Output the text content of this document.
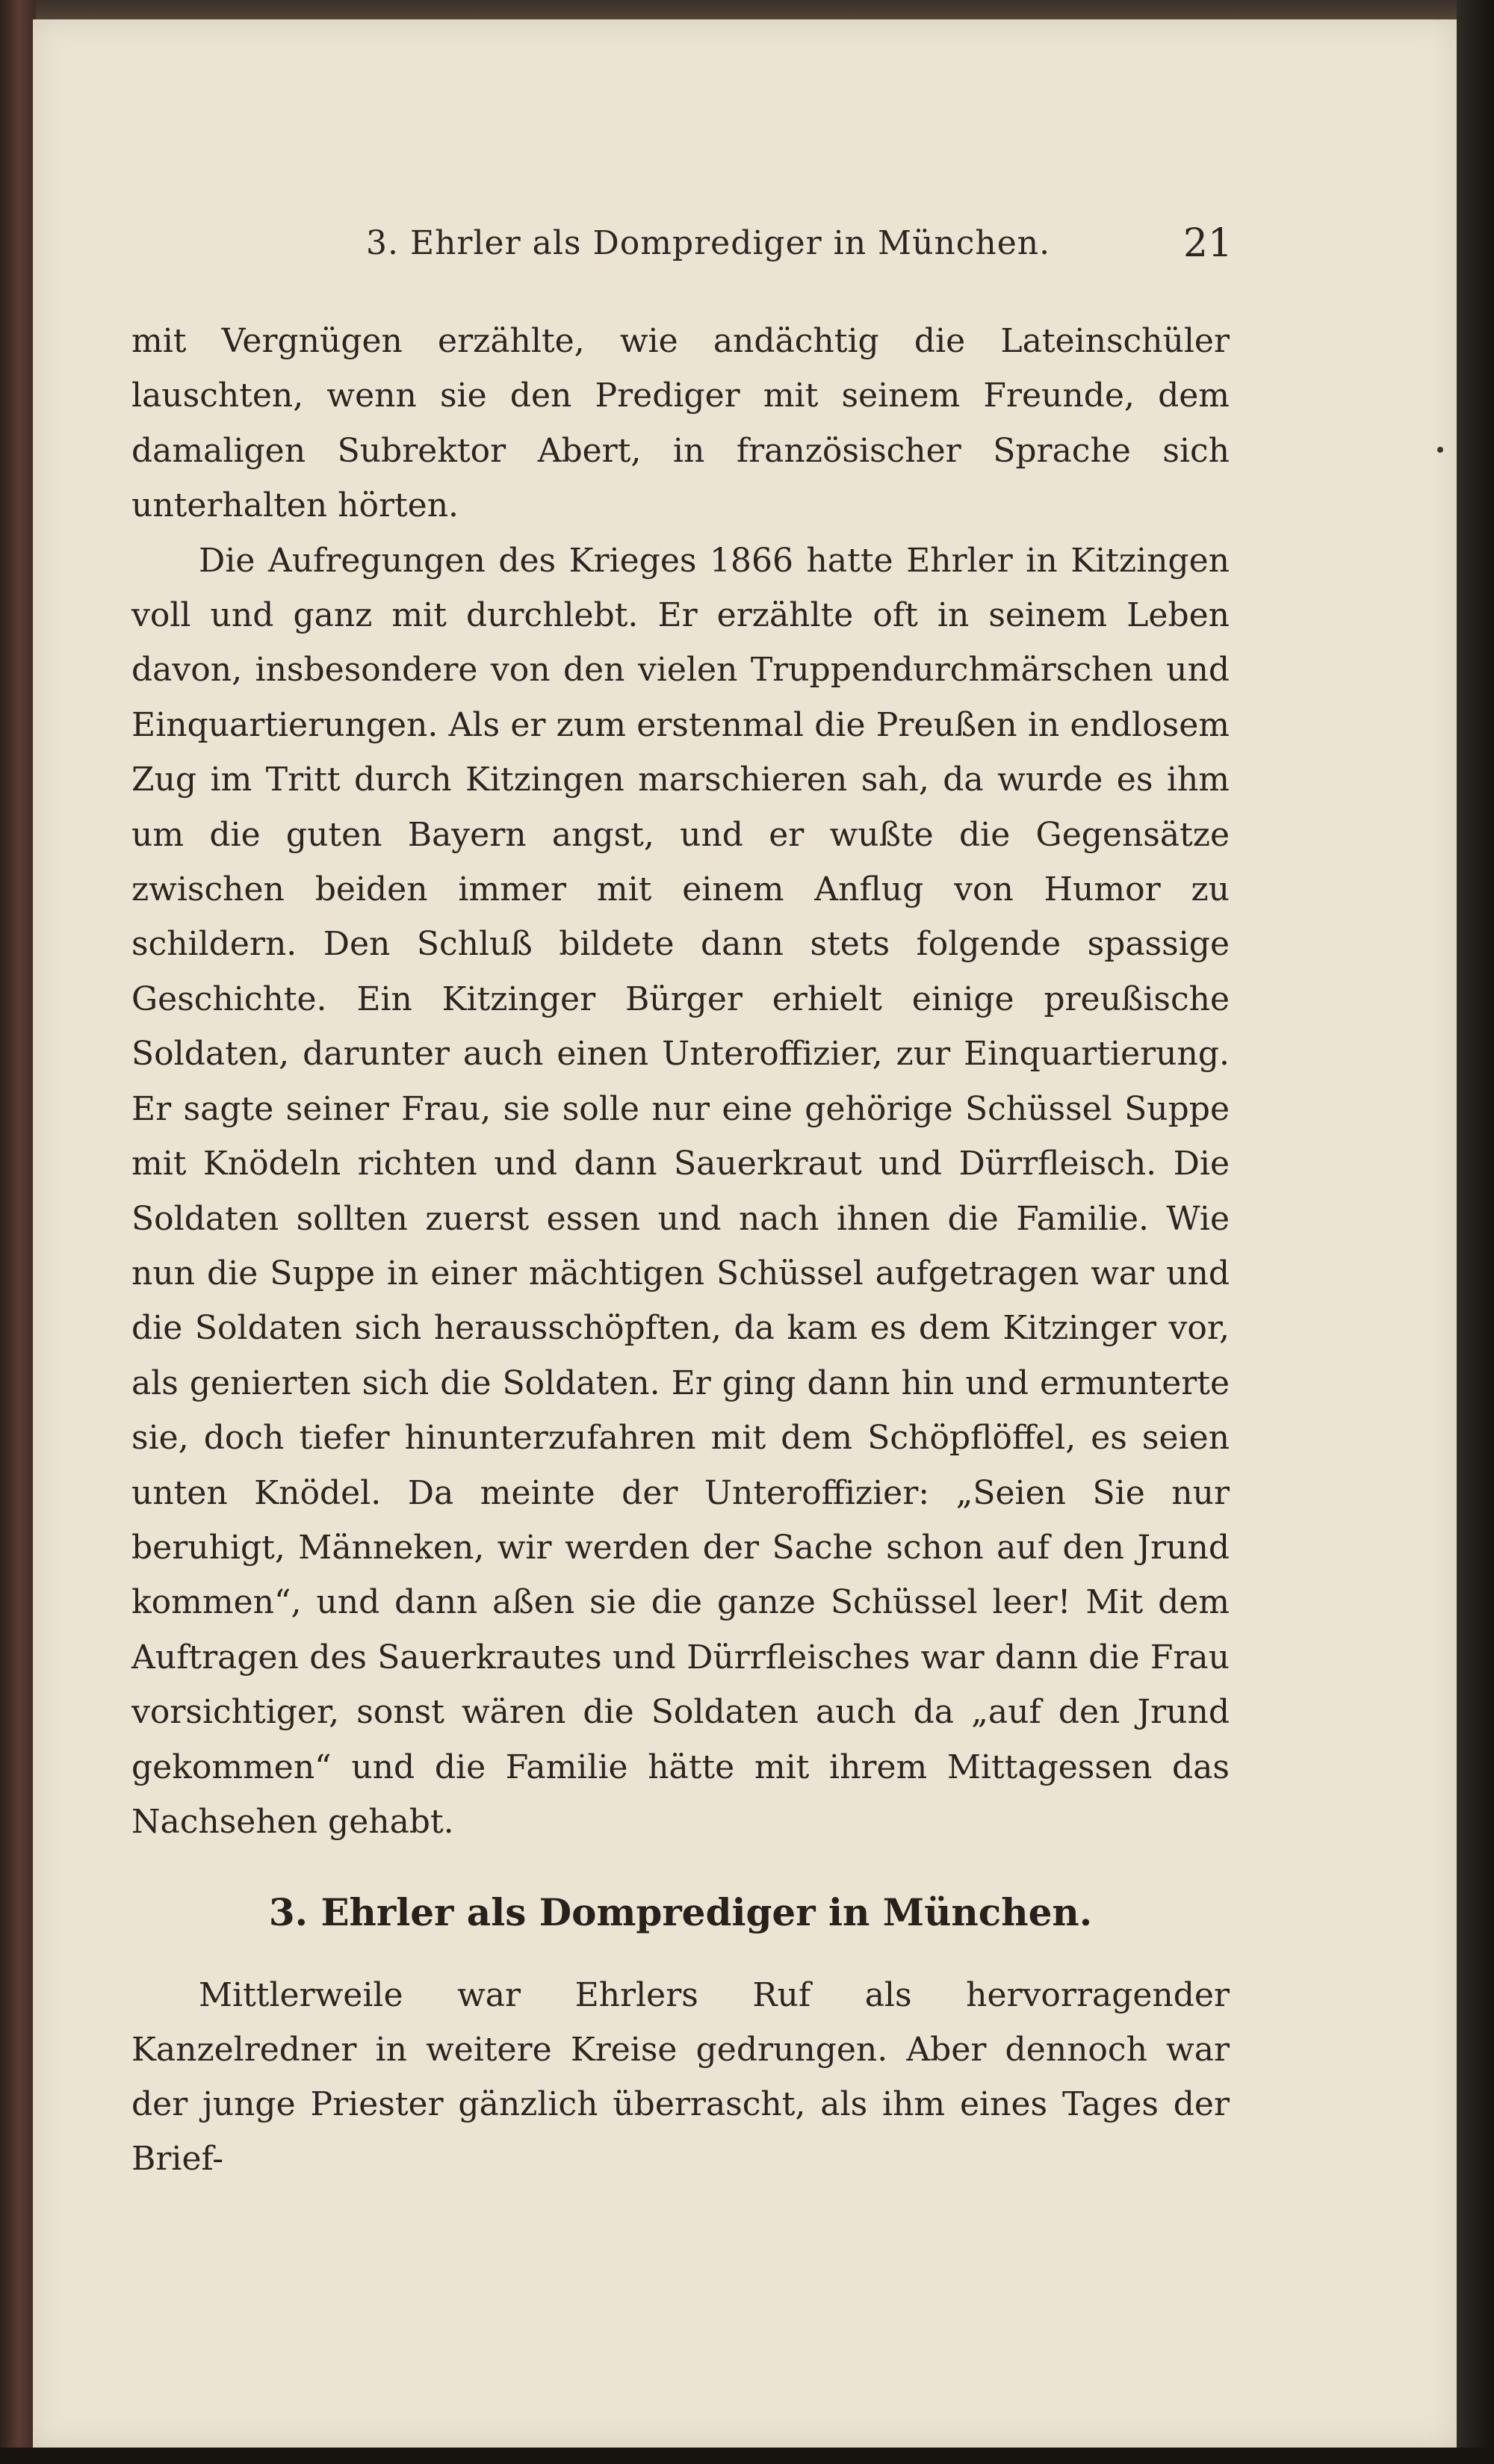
3. Ehrler als Domprediger in München.	21

mit Vergnügen erzählte, wie andächtig die Lateinschüler lauschten, wenn sie den Prediger mit seinem Freunde, dem damaligen Subrektor Abert, in französischer Sprache sich unterhalten hörten.

Die Aufregungen des Krieges 1866 hatte Ehrler in Kitzingen voll und ganz mit durchlebt. Er erzählte oft in seinem Leben davon, insbesondere von den vielen Truppendurchmärschen und Einquartierungen. Als er zum erstenmal die Preußen in endlosem Zug im Tritt durch Kitzingen marschieren sah, da wurde es ihm um die guten Bayern angst, und er wußte die Gegensätze zwischen beiden immer mit einem Anflug von Humor zu schildern. Den Schluß bildete dann stets folgende spassige Geschichte. Ein Kitzinger Bürger erhielt einige preußische Soldaten, darunter auch einen Unteroffizier, zur Einquartierung. Er sagte seiner Frau, sie solle nur eine gehörige Schüssel Suppe mit Knödeln richten und dann Sauerkraut und Dürrfleisch. Die Soldaten sollten zuerst essen und nach ihnen die Familie. Wie nun die Suppe in einer mächtigen Schüssel aufgetragen war und die Soldaten sich herausschöpften, da kam es dem Kitzinger vor, als genierten sich die Soldaten. Er ging dann hin und ermunterte sie, doch tiefer hinunterzufahren mit dem Schöpflöffel, es seien unten Knödel. Da meinte der Unteroffizier: „Seien Sie nur beruhigt, Männeken, wir werden der Sache schon auf den Jrund kommen“, und dann aßen sie die ganze Schüssel leer! Mit dem Auftragen des Sauerkrautes und Dürrfleisches war dann die Frau vorsichtiger, sonst wären die Soldaten auch da „auf den Jrund gekommen“ und die Familie hätte mit ihrem Mittagessen das Nachsehen gehabt.

3. Ehrler als Domprediger in München.

Mittlerweile war Ehrlers Ruf als hervorragender Kanzelredner in weitere Kreise gedrungen. Aber dennoch war der junge Priester gänzlich überrascht, als ihm eines Tages der Brief-
